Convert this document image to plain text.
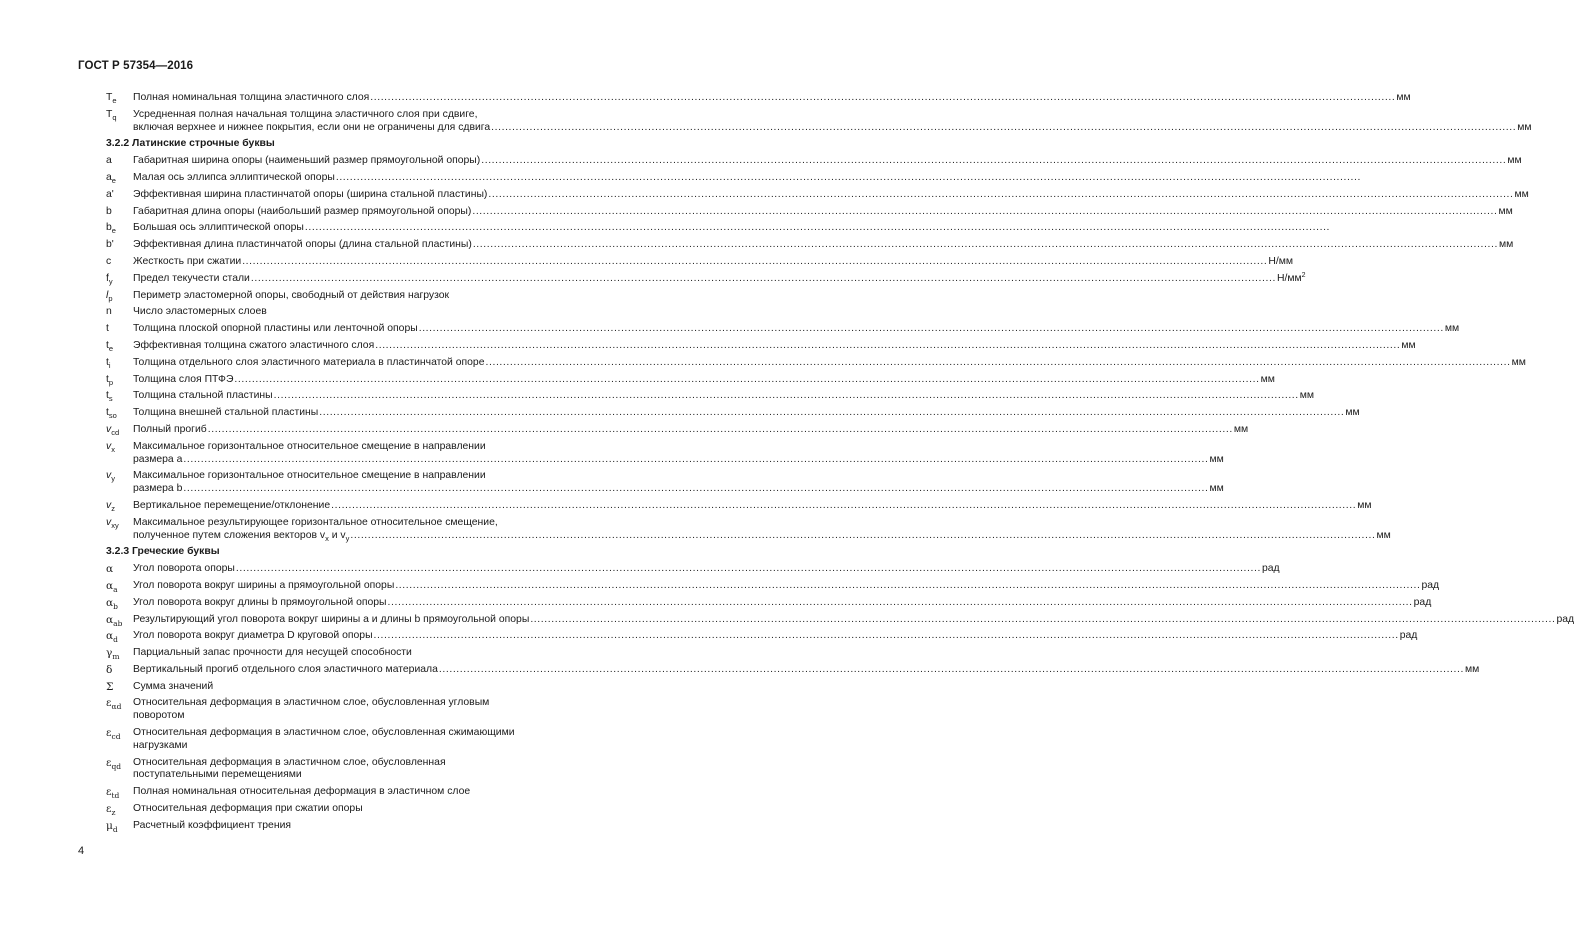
ГОСТ Р 57354—2016
$T_e$	Полная номинальная толщина эластичного слоя .....	мм
$T_q$	Усредненная полная начальная толщина эластичного слоя при сдвиге,
включая верхнее и нижнее покрытия, если они не ограничены для сдвига .....	мм
3.2.2 Латинские строчные буквы
a	Габаритная ширина опоры (наименьший размер прямоугольной опоры) .....	мм
$a_e$	Малая ось эллипса эллиптической опоры
.....
a'	Эффективная ширина пластинчатой опоры (ширина стальной пластины) .....	мм
b	Габаритная длина опоры (наибольший размер прямоугольной опоры) .....	мм
$b_e$	Большая ось эллиптической опоры
.....
b'	Эффективная длина пластинчатой опоры (длина стальной пластины) .....	мм
c	Жесткость при сжатии .....	Н/мм
$f_y$	Предел текучести стали .....	$Н/мм^2$
$l_p$	Периметр эластомерной опоры, свободный от действия нагрузок
n	Число эластомерных слоев
t	Толщина плоской опорной пластины или ленточной опоры .....	мм
$t_e$	Эффективная толщина сжатого эластичного слоя .....	мм
$t_i$	Толщина отдельного слоя эластичного материала в пластинчатой опоре .....	мм
$t_p$	Толщина слоя ПТФЭ .....	мм
$t_s$	Толщина стальной пластины .....	мм
$t_{so}$	Толщина внешней стальной пластины .....	мм
$v_{cd}$	Полный прогиб .....	мм
$v_x$	Максимальное горизонтальное относительное смещение в направлении
размера а .....	мм
$v_y$	Максимальное горизонтальное относительное смещение в направлении
размера b .....	мм
$v_z$	Вертикальное перемещение/отклонение .....	мм
$v_{xy}$	Максимальное результирующее горизонтальное относительное смещение,
полученное путем сложения векторов $v_x$ и $v_y$ .....	мм
3.2.3 Греческие буквы
α	Угол поворота опоры .....	рад
$\alpha_a$	Угол поворота вокруг ширины а прямоугольной опоры .....	рад
$\alpha_b$	Угол поворота вокруг длины b прямоугольной опоры .....	рад
$\alpha_{ab}$	Результирующий угол поворота вокруг ширины а и длины b прямоугольной опоры .....	рад
$\alpha_d$	Угол поворота вокруг диаметра D круговой опоры .....	рад
$\gamma_m$	Парциальный запас прочности для несущей способности
δ	Вертикальный прогиб отдельного слоя эластичного материала .....	мм
Σ	Сумма значений
$\varepsilon_{\alpha d}$	Относительная деформация в эластичном слое, обусловленная угловым
поворотом
$\varepsilon_{cd}$	Относительная деформация в эластичном слое, обусловленная сжимающими
нагрузками
$\varepsilon_{qd}$	Относительная деформация в эластичном слое, обусловленная
поступательными перемещениями
$\varepsilon_{td}$	Полная номинальная относительная деформация в эластичном слое
$\varepsilon_z$	Относительная деформация при сжатии опоры
$\mu_d$	Расчетный коэффициент трения
4
